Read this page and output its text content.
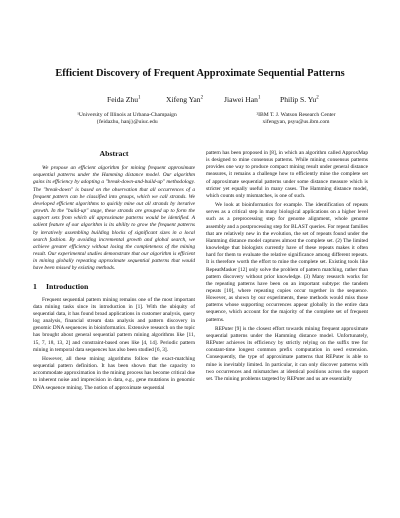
Efficient Discovery of Frequent Approximate Sequential Patterns
Feida Zhu$^1$	Xifeng Yan$^2$	Jiawei Han$^1$	Philip S. Yu$^2$
¹University of Illinois at Urbana-Champaign
{feidazhu, hanj}@uiuc.edu
²IBM T. J. Watson Research Center
xifengyan, psyu@us.ibm.com
Abstract

We propose an efficient algorithm for mining frequent approximate sequential patterns under the Hamming distance model. Our algorithm gains its efficiency by adopting a "break-down-and-build-up" methodology. The "break-down" is based on the observation that all occurrences of a frequent pattern can be classified into groups, which we call strands. We developed efficient algorithms to quickly mine out all strands by iterative growth. In the "build-up" stage, these strands are grouped up to form the support sets from which all approximate patterns would be identified. A salient feature of our algorithm is its ability to grow the frequent patterns by iteratively assembling building blocks of significant sizes in a local search fashion. By avoiding incremental growth and global search, we achieve greater efficiency without losing the completeness of the mining result. Our experimental studies demonstrate that our algorithm is efficient in mining globally repeating approximate sequential patterns that would have been missed by existing methods.

1 Introduction

Frequent sequential pattern mining remains one of the most important data mining tasks since its introduction in [1]. With the ubiquity of sequential data, it has found broad applications in customer analysis, query log analysis, financial stream data analysis and pattern discovery in genomic DNA sequences in bioinformatics. Extensive research on the topic has brought about general sequential pattern mining algorithms like [11, 15, 7, 18, 13, 2] and constraint-based ones like [4, 14]. Periodic pattern mining in temporal data sequences has also been studied [6, 3].

However, all these mining algorithms follow the exact-matching sequential pattern definition. It has been shown that the capacity to accommodate approximation in the mining process has become critical due to inherent noise and imprecision in data, e.g., gene mutations in genomic DNA sequence mining. The notion of approximate sequential

pattern has been proposed in [8], in which an algorithm called ApproxMap is designed to mine consensus patterns. While mining consensus patterns provides one way to produce compact mining result under general distance measures, it remains a challenge how to efficiently mine the complete set of approximate sequential patterns under some distance measure which is stricter yet equally useful in many cases. The Hamming distance model, which counts only mismatches, is one of such.

We look at bioinformatics for example. The identification of repeats serves as a critical step in many biological applications on a higher level such as a preprocessing step for genome alignment, whole genome assembly and a postprocessing step for BLAST queries. For repeat families that are relatively new in the evolution, the set of repeats found under the Hamming distance model captures almost the complete set. (2) The limited knowledge that biologists currently have of these repeats makes it often hard for them to evaluate the relative significance among different repeats. It is therefore worth the effort to mine the complete set. Existing tools like RepeatMasker [12] only solve the problem of pattern matching, rather than pattern discovery without prior knowledge. (3) Many research works for the repeating patterns have been on an important subtype: the tandem repeats [10], where repeating copies occur together in the sequence. However, as shown by our experiments, these methods would miss those patterns whose supporting occurrences appear globally in the entire data sequence, which account for the majority of the complete set of frequent patterns.

REPuter [9] is the closest effort towards mining frequent approximate sequential patterns under the Hamming distance model. Unfortunately, REPuter achieves its efficiency by strictly relying on the suffix tree for constant-time longest common prefix computation in seed extension. Consequently, the type of approximate patterns that REPuter is able to mine is inevitably limited. In particular, it can only discover patterns with two occurrences and mismatches at identical positions across the support set. The mining problems targeted by REPuter and us are essentially
